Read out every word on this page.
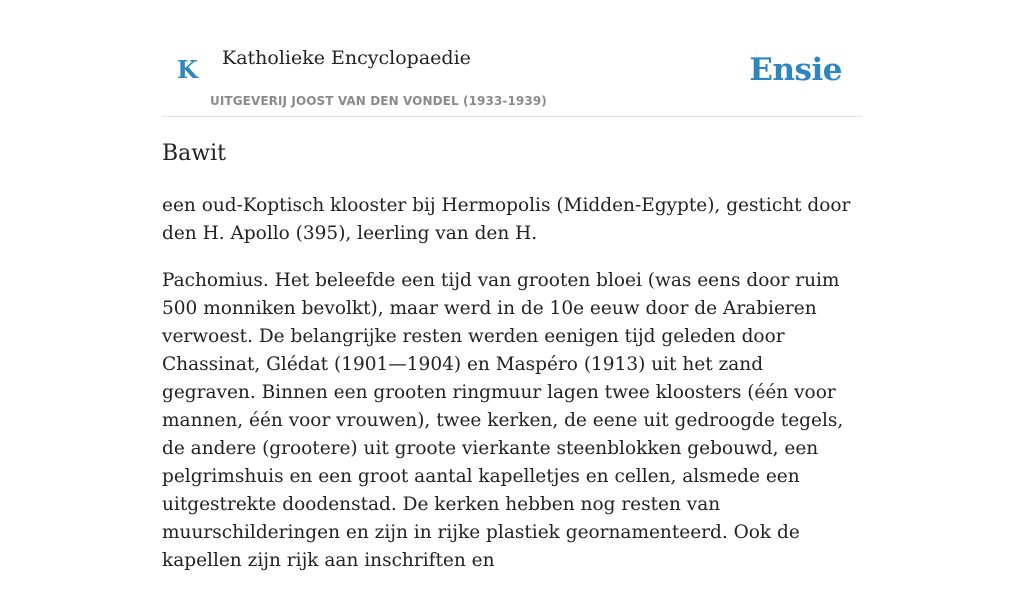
K Katholieke Encyclopaedie
UITGEVERIJ JOOST VAN DEN VONDEL (1933-1939)
Ensie
Bawit

een oud-Koptisch klooster bij Hermopolis (Midden-Egypte), gesticht door den H. Apollo (395), leerling van den H.

Pachomius. Het beleefde een tijd van grooten bloei (was eens door ruim 500 monniken bevolkt), maar werd in de 10e eeuw door de Arabieren verwoest. De belangrijke resten werden eenigen tijd geleden door Chassinat, Glédat (1901—1904) en Maspéro (1913) uit het zand gegraven. Binnen een grooten ringmuur lagen twee kloosters (één voor mannen, één voor vrouwen), twee kerken, de eene uit gedroogde tegels, de andere (grootere) uit groote vierkante steenblokken gebouwd, een pelgrimshuis en een groot aantal kapelletjes en cellen, alsmede een uitgestrekte doodenstad. De kerken hebben nog resten van muurschilderingen en zijn in rijke plastiek geornamenteerd. Ook de kapellen zijn rijk aan inschriften en
